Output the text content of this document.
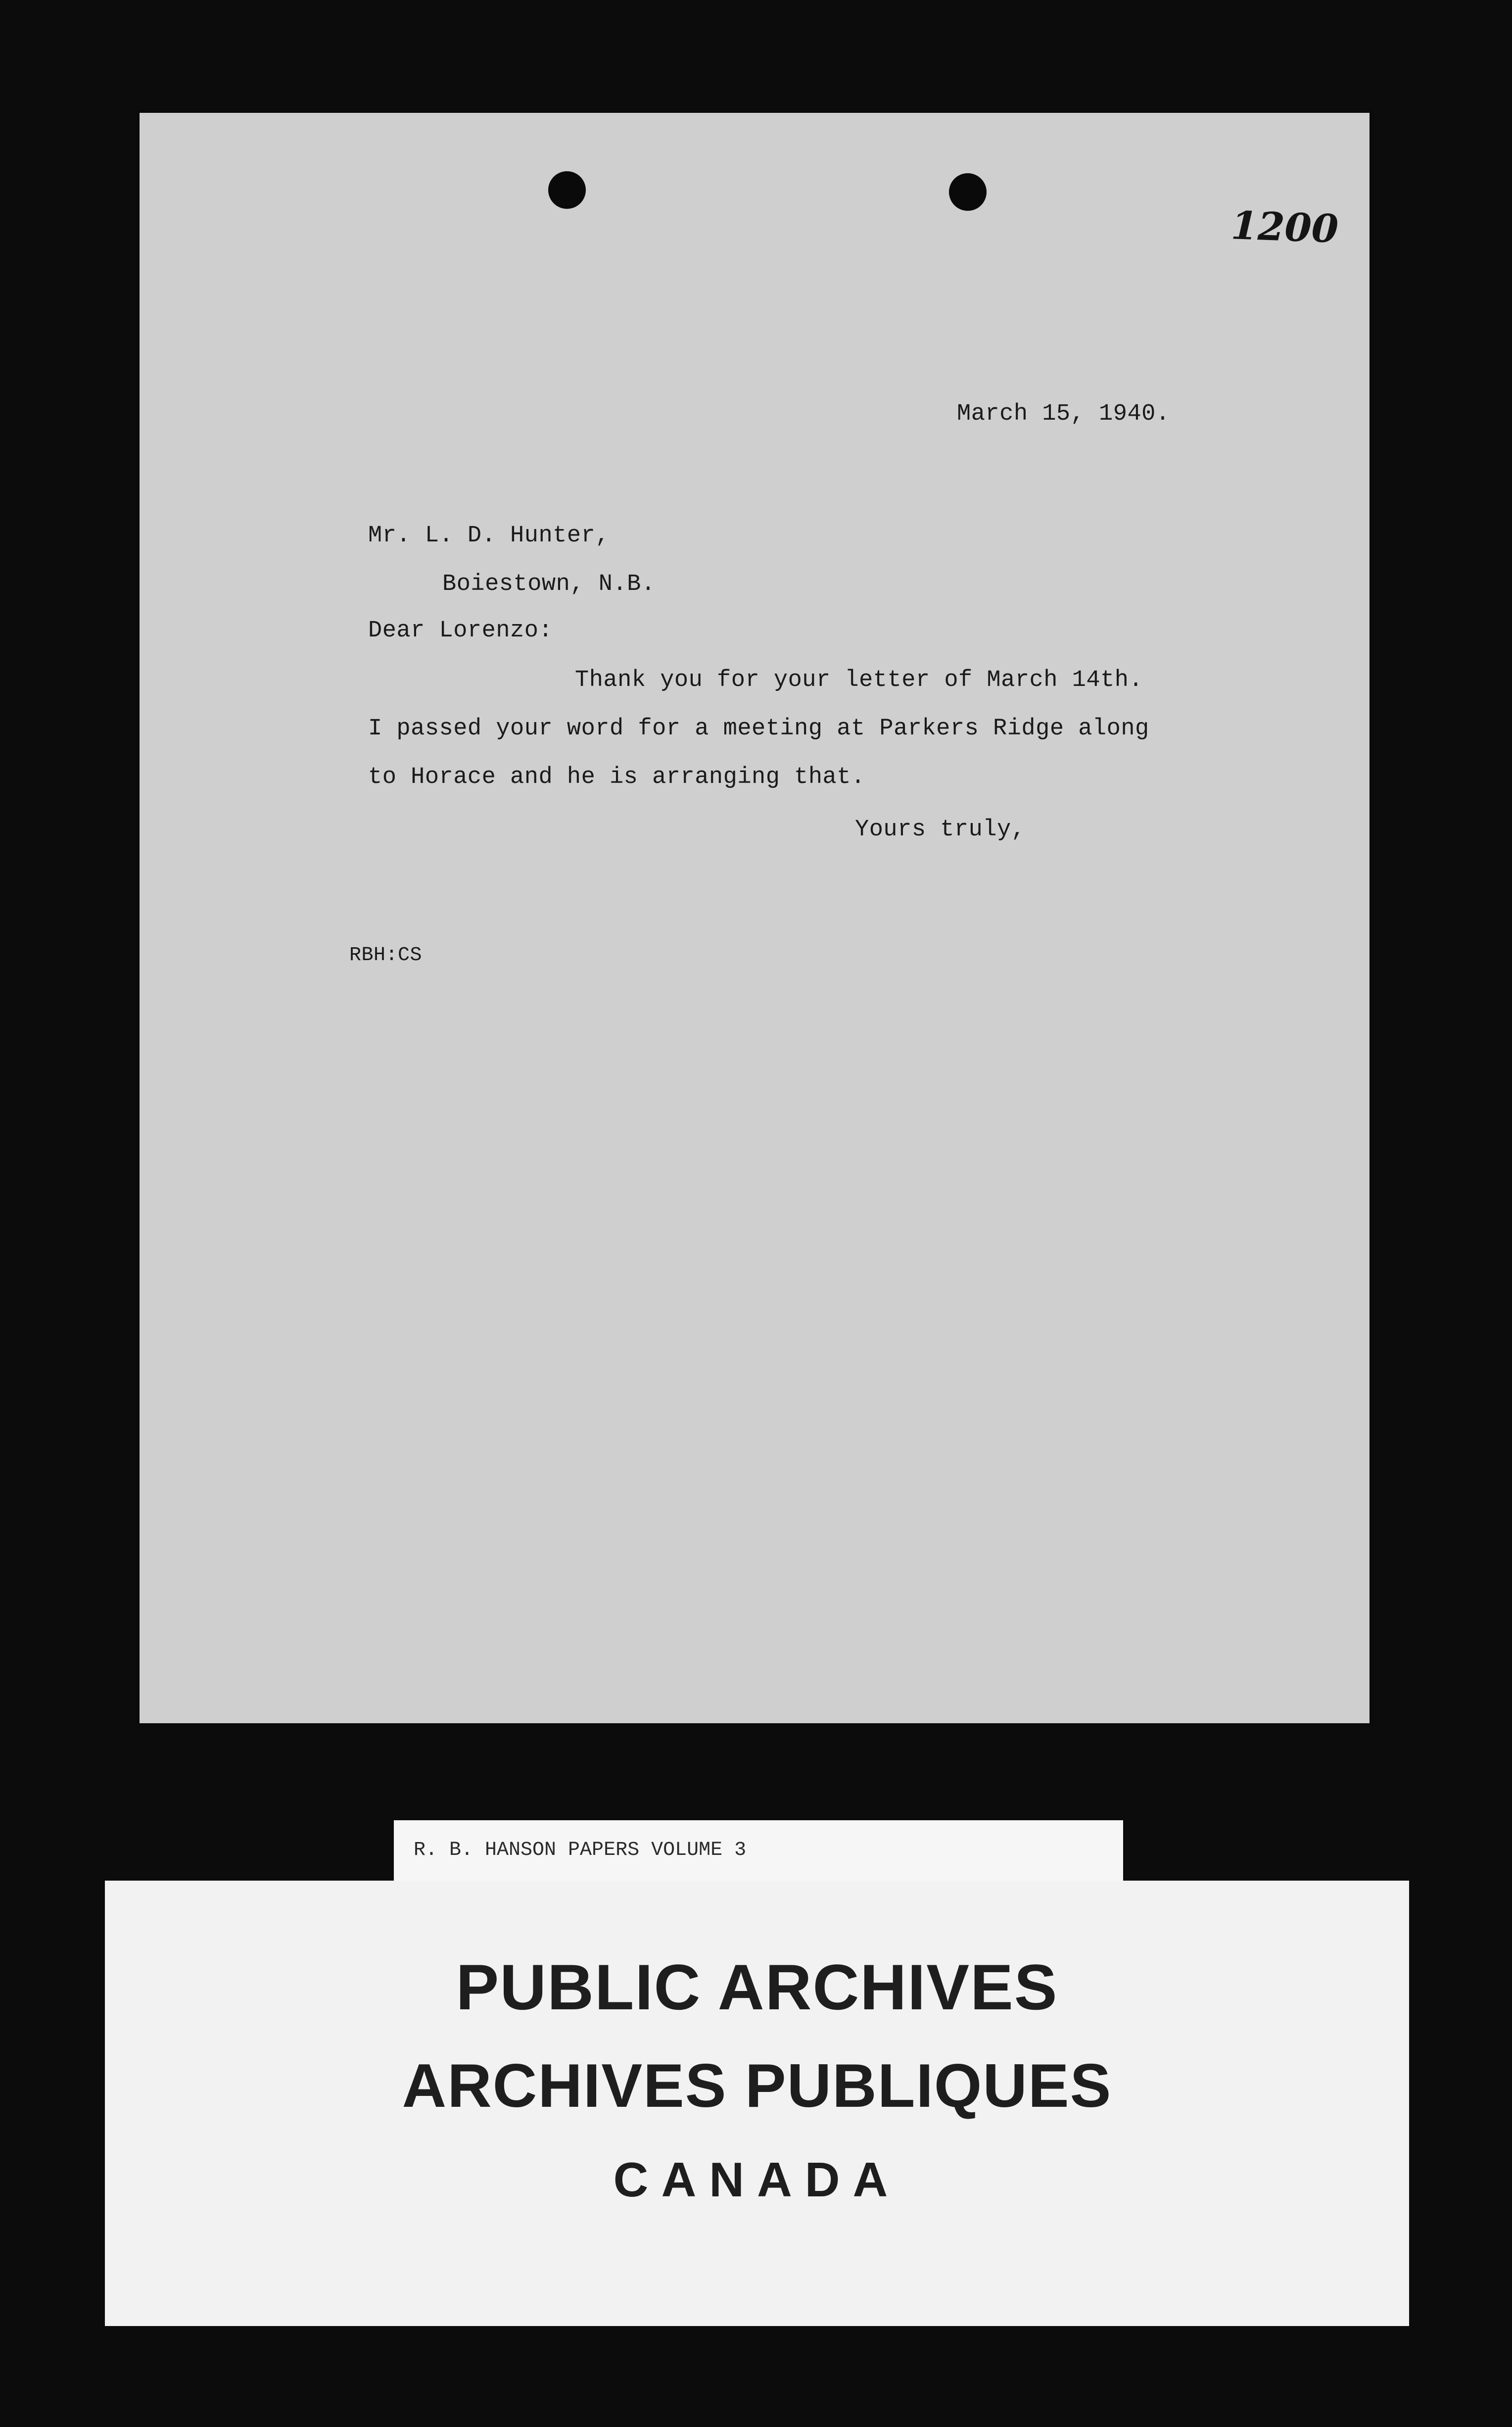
1200
March 15, 1940.
Mr. L. D. Hunter,
Boiestown, N.B.
Dear Lorenzo:
Thank you for your letter of March 14th.
I passed your word for a meeting at Parkers Ridge along
to Horace and he is arranging that.
Yours truly,
RBH:CS
R. B. HANSON PAPERS VOLUME 3
PUBLIC ARCHIVES
ARCHIVES PUBLIQUES
CANADA
